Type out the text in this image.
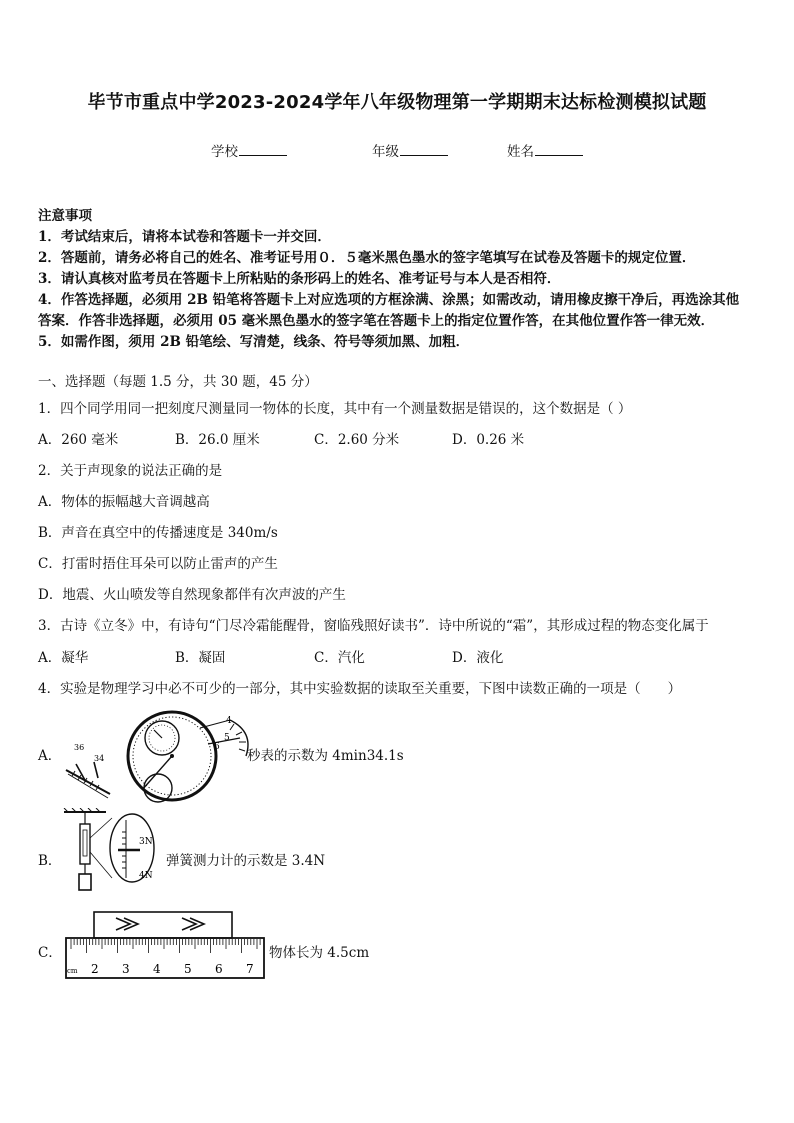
毕节市重点中学2023-2024学年八年级物理第一学期期末达标检测模拟试题
学校	年级	姓名
注意事项
1．考试结束后，请将本试卷和答题卡一并交回．
2．答题前，请务必将自己的姓名、准考证号用０．５毫米黑色墨水的签字笔填写在试卷及答题卡的规定位置．
3．请认真核对监考员在答题卡上所粘贴的条形码上的姓名、准考证号与本人是否相符．
4．作答选择题，必须用 2B 铅笔将答题卡上对应选项的方框涂满、涂黑；如需改动，请用橡皮擦干净后，再选涂其他
答案．作答非选择题，必须用 05 毫米黑色墨水的签字笔在答题卡上的指定位置作答，在其他位置作答一律无效．
5．如需作图，须用 2B 铅笔绘、写清楚，线条、符号等须加黑、加粗．
一、选择题（每题 1.5 分，共 30 题，45 分）
1．四个同学用同一把刻度尺测量同一物体的长度，其中有一个测量数据是错误的，这个数据是（ ）
A．260 毫米	B．26.0 厘米	C．2.60 分米	D．0.26 米
2．关于声现象的说法正确的是
A．物体的振幅越大音调越高
B．声音在真空中的传播速度是 340m/s
C．打雷时捂住耳朵可以防止雷声的产生
D．地震、火山喷发等自然现象都伴有次声波的产生
3．古诗《立冬》中，有诗句“门尽冷霜能醒骨，窗临残照好读书”．诗中所说的“霜”，其形成过程的物态变化属于
A．凝华	B．凝固	C．汽化	D．液化
4．实验是物理学习中必不可少的一部分，其中实验数据的读取至关重要，下图中读数正确的一项是（　　）
A．
36
34
4
5
6
秒表的示数为 4min34.1s
B．
3N
4N
弹簧测力计的示数是 3.4N
C．
cm 2 3 4 5 6 7
物体长为 4.5cm
